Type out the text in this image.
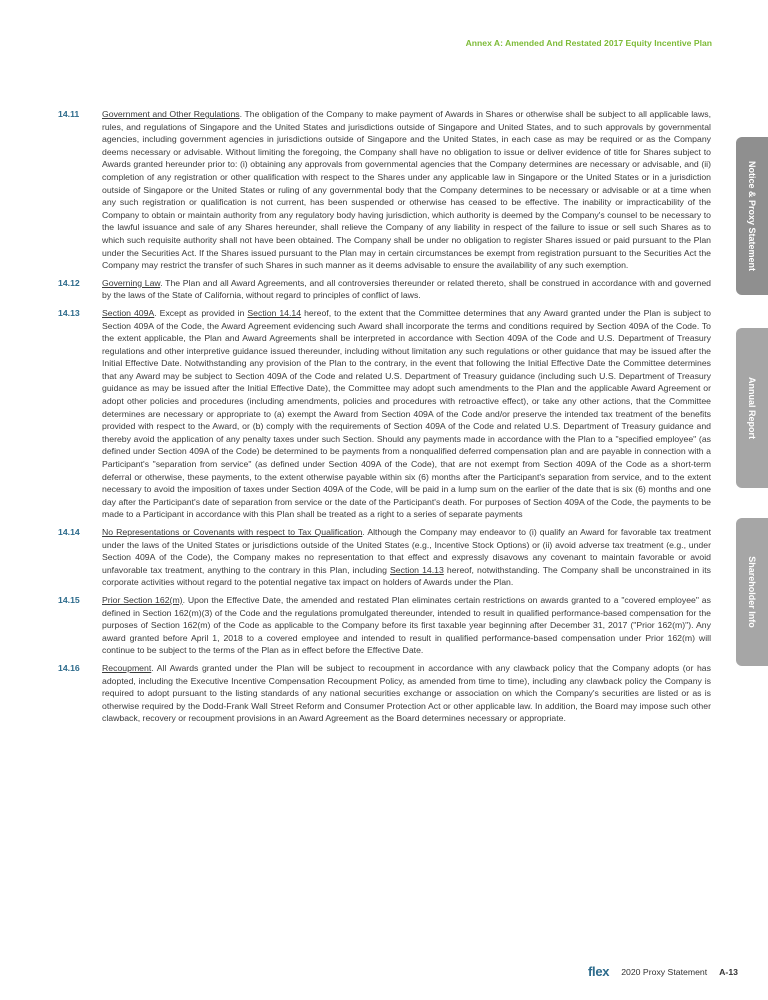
Annex A: Amended And Restated 2017 Equity Incentive Plan
Notice & Proxy Statement
Annual Report
Shareholder Info

14.11	Government and Other Regulations. The obligation of the Company to make payment of Awards in Shares or otherwise shall be subject to all applicable laws, rules, and regulations of Singapore and the United States and jurisdictions outside of Singapore and United States, and to such approvals by governmental agencies, including government agencies in jurisdictions outside of Singapore and the United States, in each case as may be required or as the Company deems necessary or advisable. Without limiting the foregoing, the Company shall have no obligation to issue or deliver evidence of title for Shares subject to Awards granted hereunder prior to: (i) obtaining any approvals from governmental agencies that the Company determines are necessary or advisable, and (ii) completion of any registration or other qualification with respect to the Shares under any applicable law in Singapore or the United States or in a jurisdiction outside of Singapore or the United States or ruling of any governmental body that the Company determines to be necessary or advisable or at a time when any such registration or qualification is not current, has been suspended or otherwise has ceased to be effective. The inability or impracticability of the Company to obtain or maintain authority from any regulatory body having jurisdiction, which authority is deemed by the Company's counsel to be necessary to the lawful issuance and sale of any Shares hereunder, shall relieve the Company of any liability in respect of the failure to issue or sell such Shares as to which such requisite authority shall not have been obtained. The Company shall be under no obligation to register Shares issued or paid pursuant to the Plan under the Securities Act. If the Shares issued pursuant to the Plan may in certain circumstances be exempt from registration pursuant to the Securities Act the Company may restrict the transfer of such Shares in such manner as it deems advisable to ensure the availability of any such exemption.

14.12	Governing Law. The Plan and all Award Agreements, and all controversies thereunder or related thereto, shall be construed in accordance with and governed by the laws of the State of California, without regard to principles of conflict of laws.

14.13	Section 409A. Except as provided in Section 14.14 hereof, to the extent that the Committee determines that any Award granted under the Plan is subject to Section 409A of the Code, the Award Agreement evidencing such Award shall incorporate the terms and conditions required by Section 409A of the Code. To the extent applicable, the Plan and Award Agreements shall be interpreted in accordance with Section 409A of the Code and U.S. Department of Treasury regulations and other interpretive guidance issued thereunder, including without limitation any such regulations or other guidance that may be issued after the Initial Effective Date. Notwithstanding any provision of the Plan to the contrary, in the event that following the Initial Effective Date the Committee determines that any Award may be subject to Section 409A of the Code and related U.S. Department of Treasury guidance (including such U.S. Department of Treasury guidance as may be issued after the Initial Effective Date), the Committee may adopt such amendments to the Plan and the applicable Award Agreement or adopt other policies and procedures (including amendments, policies and procedures with retroactive effect), or take any other actions, that the Committee determines are necessary or appropriate to (a) exempt the Award from Section 409A of the Code and/or preserve the intended tax treatment of the benefits provided with respect to the Award, or (b) comply with the requirements of Section 409A of the Code and related U.S. Department of Treasury guidance and thereby avoid the application of any penalty taxes under such Section. Should any payments made in accordance with the Plan to a "specified employee" (as defined under Section 409A of the Code) be determined to be payments from a nonqualified deferred compensation plan and are payable in connection with a Participant's "separation from service" (as defined under Section 409A of the Code), that are not exempt from Section 409A of the Code as a short-term deferral or otherwise, these payments, to the extent otherwise payable within six (6) months after the Participant's separation from service, and to the extent necessary to avoid the imposition of taxes under Section 409A of the Code, will be paid in a lump sum on the earlier of the date that is six (6) months and one day after the Participant's date of separation from service or the date of the Participant's death. For purposes of Section 409A of the Code, the payments to be made to a Participant in accordance with this Plan shall be treated as a right to a series of separate payments

14.14	No Representations or Covenants with respect to Tax Qualification. Although the Company may endeavor to (i) qualify an Award for favorable tax treatment under the laws of the United States or jurisdictions outside of the United States (e.g., Incentive Stock Options) or (ii) avoid adverse tax treatment (e.g., under Section 409A of the Code), the Company makes no representation to that effect and expressly disavows any covenant to maintain favorable or avoid unfavorable tax treatment, anything to the contrary in this Plan, including Section 14.13 hereof, notwithstanding. The Company shall be unconstrained in its corporate activities without regard to the potential negative tax impact on holders of Awards under the Plan.

14.15	Prior Section 162(m). Upon the Effective Date, the amended and restated Plan eliminates certain restrictions on awards granted to a "covered employee" as defined in Section 162(m)(3) of the Code and the regulations promulgated thereunder, intended to result in qualified performance-based compensation for the purposes of Section 162(m) of the Code as applicable to the Company before its first taxable year beginning after December 31, 2017 ("Prior 162(m)"). Any award granted before April 1, 2018 to a covered employee and intended to result in qualified performance-based compensation under Prior 162(m) will continue to be subject to the terms of the Plan as in effect before the Effective Date.

14.16	Recoupment. All Awards granted under the Plan will be subject to recoupment in accordance with any clawback policy that the Company adopts (or has adopted, including the Executive Incentive Compensation Recoupment Policy, as amended from time to time), including any clawback policy the Company is required to adopt pursuant to the listing standards of any national securities exchange or association on which the Company's securities are listed or as is otherwise required by the Dodd-Frank Wall Street Reform and Consumer Protection Act or other applicable law. In addition, the Board may impose such other clawback, recovery or recoupment provisions in an Award Agreement as the Board determines necessary or appropriate.

flex 2020 Proxy Statement A-13
